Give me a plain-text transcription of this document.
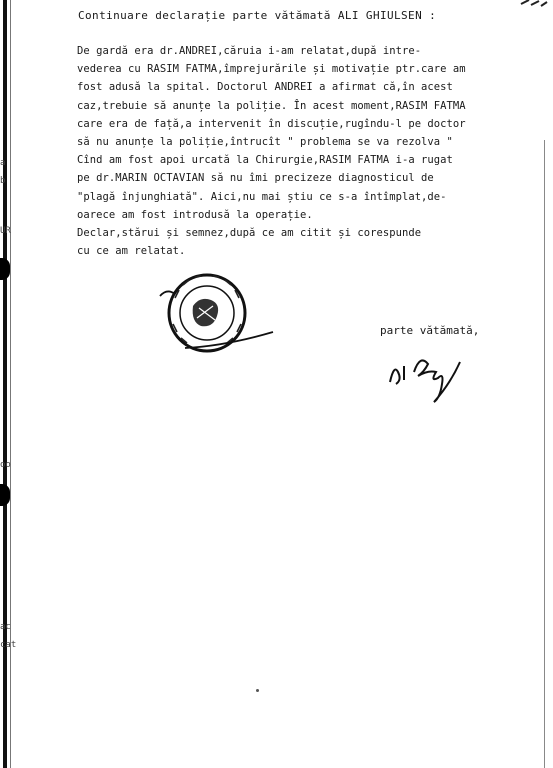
a
b
UR
oo
ac
cat
Continuare declarație parte vătămată ALI GHIULSEN :
De gardă era dr.ANDREI,căruia i-am relatat,după intre-
vederea cu RASIM FATMA,împrejurările și motivație ptr.care am
fost adusă la spital. Doctorul ANDREI a afirmat că,în acest
caz,trebuie să anunțe la poliție. În acest moment,RASIM FATMA
care era de față,a intervenit în discuție,rugîndu-l pe doctor
să nu anunțe la poliție,întrucît " problema se va rezolva "
Cînd am fost apoi urcată la Chirurgie,RASIM FATMA i-a rugat
pe dr.MARIN OCTAVIAN să nu îmi precizeze diagnosticul de
"plagă înjunghiată". Aici,nu mai știu ce s-a întîmplat,de-
oarece am fost introdusă la operație.
Declar,stărui și semnez,după ce am citit și corespunde
cu ce am relatat.
parte vătămată,
